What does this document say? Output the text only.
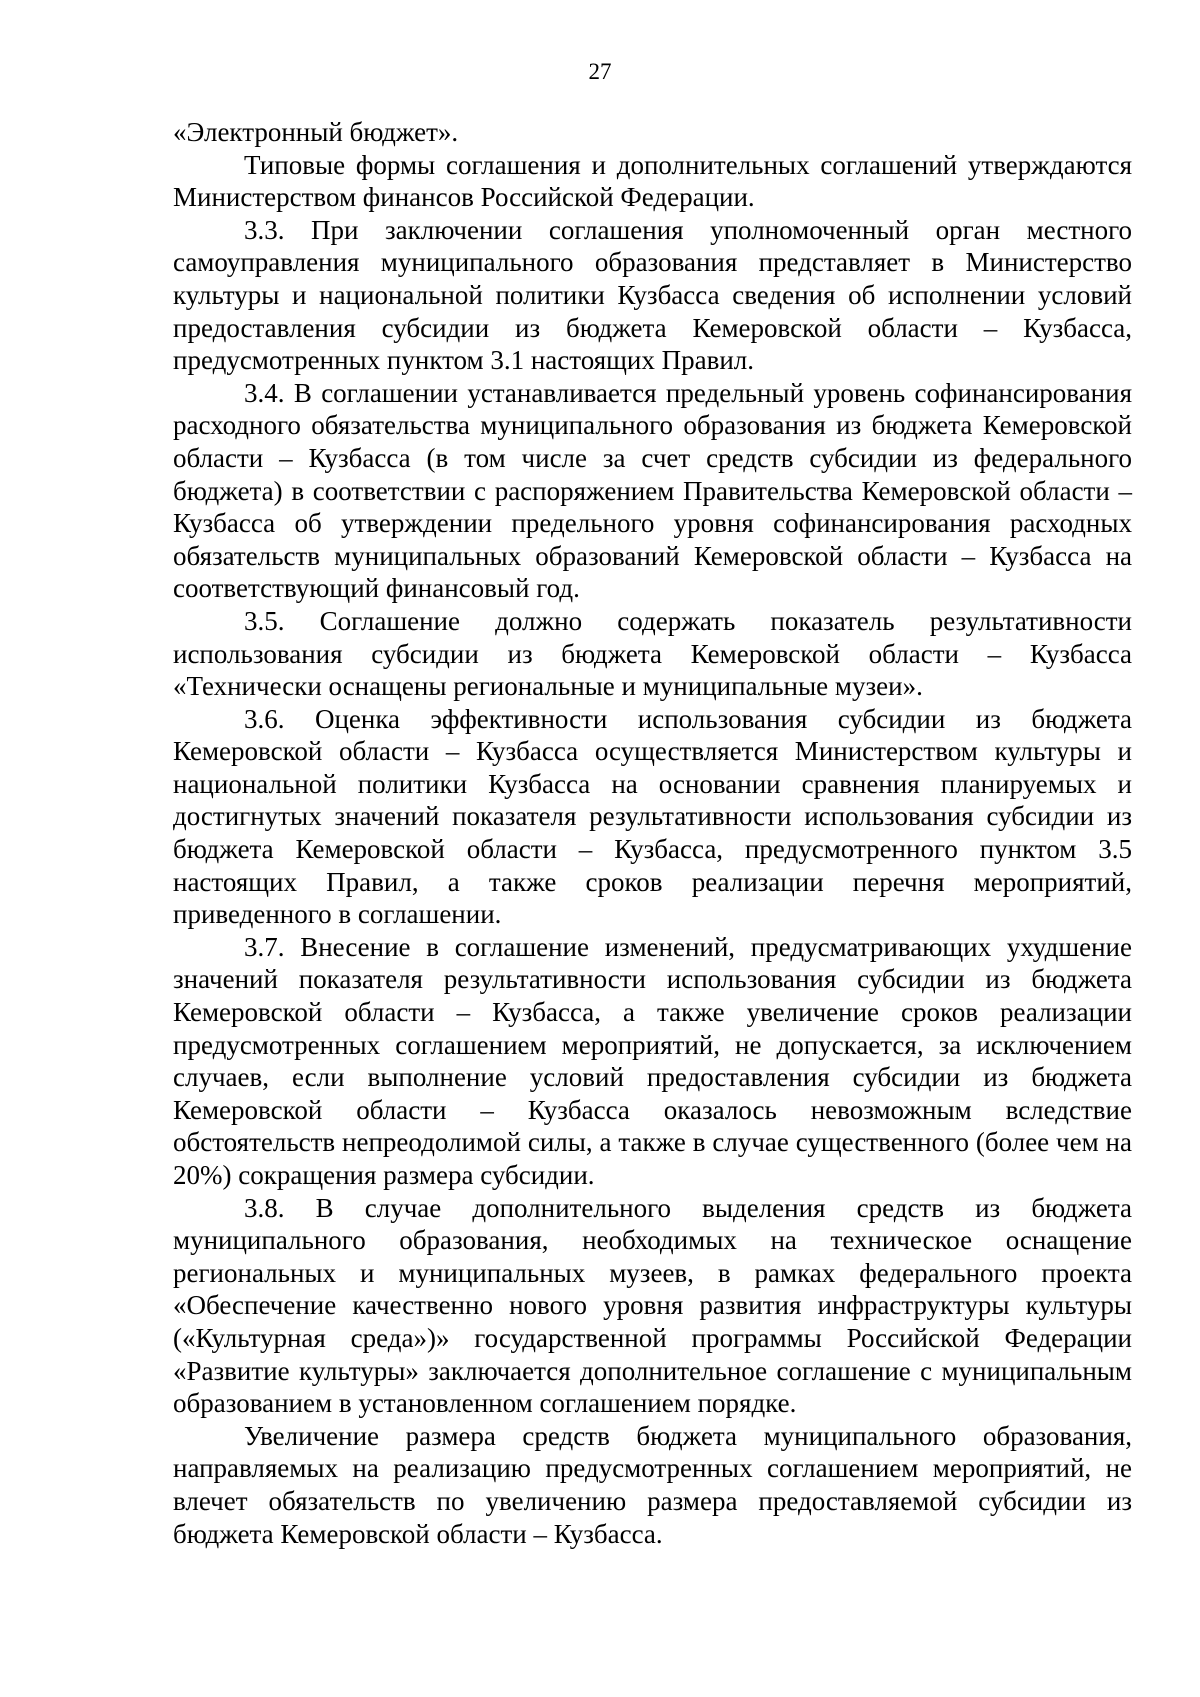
27

«Электронный бюджет».

Типовые формы соглашения и дополнительных соглашений утверждаются Министерством финансов Российской Федерации.

3.3. При заключении соглашения уполномоченный орган местного самоуправления муниципального образования представляет в Министерство культуры и национальной политики Кузбасса сведения об исполнении условий предоставления субсидии из бюджета Кемеровской области – Кузбасса, предусмотренных пунктом 3.1 настоящих Правил.

3.4. В соглашении устанавливается предельный уровень софинансирования расходного обязательства муниципального образования из бюджета Кемеровской области – Кузбасса (в том числе за счет средств субсидии из федерального бюджета) в соответствии с распоряжением Правительства Кемеровской области – Кузбасса об утверждении предельного уровня софинансирования расходных обязательств муниципальных образований Кемеровской области – Кузбасса на соответствующий финансовый год.

3.5. Соглашение должно содержать показатель результативности использования субсидии из бюджета Кемеровской области – Кузбасса «Технически оснащены региональные и муниципальные музеи».

3.6. Оценка эффективности использования субсидии из бюджета Кемеровской области – Кузбасса осуществляется Министерством культуры и национальной политики Кузбасса на основании сравнения планируемых и достигнутых значений показателя результативности использования субсидии из бюджета Кемеровской области – Кузбасса, предусмотренного пунктом 3.5 настоящих Правил, а также сроков реализации перечня мероприятий, приведенного в соглашении.

3.7. Внесение в соглашение изменений, предусматривающих ухудшение значений показателя результативности использования субсидии из бюджета Кемеровской области – Кузбасса, а также увеличение сроков реализации предусмотренных соглашением мероприятий, не допускается, за исключением случаев, если выполнение условий предоставления субсидии из бюджета Кемеровской области – Кузбасса оказалось невозможным вследствие обстоятельств непреодолимой силы, а также в случае существенного (более чем на 20%) сокращения размера субсидии.

3.8. В случае дополнительного выделения средств из бюджета муниципального образования, необходимых на техническое оснащение региональных и муниципальных музеев, в рамках федерального проекта «Обеспечение качественно нового уровня развития инфраструктуры культуры («Культурная среда»)» государственной программы Российской Федерации «Развитие культуры» заключается дополнительное соглашение с муниципальным образованием в установленном соглашением порядке.

Увеличение размера средств бюджета муниципального образования, направляемых на реализацию предусмотренных соглашением мероприятий, не влечет обязательств по увеличению размера предоставляемой субсидии из бюджета Кемеровской области – Кузбасса.
